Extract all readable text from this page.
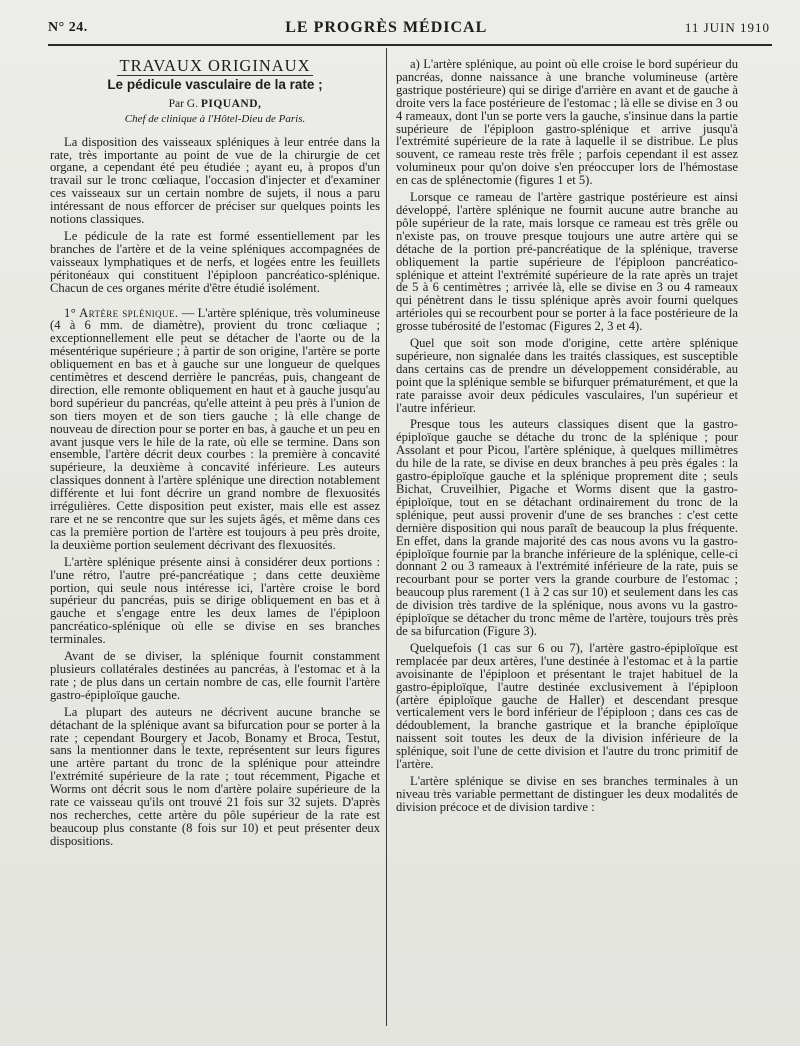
N° 24.	LE PROGRÈS MÉDICAL	11 JUIN 1910
TRAVAUX ORIGINAUX
Le pédicule vasculaire de la rate ;
Par G. PIQUAND,
Chef de clinique à l'Hôtel-Dieu de Paris.

La disposition des vaisseaux spléniques à leur entrée dans la rate, très importante au point de vue de la chirurgie de cet organe, a cependant été peu étudiée ; ayant eu, à propos d'un travail sur le tronc cœliaque, l'occasion d'injecter et d'examiner ces vaisseaux sur un certain nombre de sujets, il nous a paru intéressant de nous efforcer de préciser sur quelques points les notions classiques.

Le pédicule de la rate est formé essentiellement par les branches de l'artère et de la veine spléniques accompagnées de vaisseaux lymphatiques et de nerfs, et logées entre les feuillets péritonéaux qui constituent l'épiploon pancréatico-splénique. Chacun de ces organes mérite d'être étudié isolément.

1° Artère splénique. — L'artère splénique, très volumineuse (4 à 6 mm. de diamètre), provient du tronc cœliaque ; exceptionnellement elle peut se détacher de l'aorte ou de la mésentérique supérieure ; à partir de son origine, l'artère se porte obliquement en bas et à gauche sur une longueur de quelques centimètres et descend derrière le pancréas, puis, changeant de direction, elle remonte obliquement en haut et à gauche jusqu'au bord supérieur du pancréas, qu'elle atteint à peu près à l'union de son tiers moyen et de son tiers gauche ; là elle change de nouveau de direction pour se porter en bas, à gauche et un peu en avant jusque vers le hile de la rate, où elle se termine. Dans son ensemble, l'artère décrit deux courbes : la première à concavité supérieure, la deuxième à concavité inférieure. Les auteurs classiques donnent à l'artère splénique une direction notablement différente et lui font décrire un grand nombre de flexuosités irrégulières. Cette disposition peut exister, mais elle est assez rare et ne se rencontre que sur les sujets âgés, et même dans ces cas la première portion de l'artère est toujours à peu près droite, la deuxième portion seulement décrivant des flexuosités.

L'artère splénique présente ainsi à considérer deux portions : l'une rétro, l'autre pré-pancréatique ; dans cette deuxième portion, qui seule nous intéresse ici, l'artère croise le bord supérieur du pancréas, puis se dirige obliquement en bas et à gauche et s'engage entre les deux lames de l'épiploon pancréatico-splénique où elle se divise en ses branches terminales.

Avant de se diviser, la splénique fournit constamment plusieurs collatérales destinées au pancréas, à l'estomac et à la rate ; de plus dans un certain nombre de cas, elle fournit l'artère gastro-épiploïque gauche.

La plupart des auteurs ne décrivent aucune branche se détachant de la splénique avant sa bifurcation pour se porter à la rate ; cependant Bourgery et Jacob, Bonamy et Broca, Testut, sans la mentionner dans le texte, représentent sur leurs figures une artère partant du tronc de la splénique pour atteindre l'extrémité supérieure de la rate ; tout récemment, Pigache et Worms ont décrit sous le nom d'artère polaire supérieure de la rate ce vaisseau qu'ils ont trouvé 21 fois sur 32 sujets. D'après nos recherches, cette artère du pôle supérieur de la rate est beaucoup plus constante (8 fois sur 10) et peut présenter deux dispositions.

a) L'artère splénique, au point où elle croise le bord supérieur du pancréas, donne naissance à une branche volumineuse (artère gastrique postérieure) qui se dirige d'arrière en avant et de gauche à droite vers la face postérieure de l'estomac ; là elle se divise en 3 ou 4 rameaux, dont l'un se porte vers la gauche, s'insinue dans la partie supérieure de l'épiploon gastro-splénique et arrive jusqu'à l'extrémité supérieure de la rate à laquelle il se distribue. Le plus souvent, ce rameau reste très frêle ; parfois cependant il est assez volumineux pour qu'on doive s'en préoccuper lors de l'hémostase en cas de splénectomie (figures 1 et 5).

Lorsque ce rameau de l'artère gastrique postérieure est ainsi développé, l'artère splénique ne fournit aucune autre branche au pôle supérieur de la rate, mais lorsque ce rameau est très grêle ou n'existe pas, on trouve presque toujours une autre artère qui se détache de la portion pré-pancréatique de la splénique, traverse obliquement la partie supérieure de l'épiploon pancréatico-splénique et atteint l'extrémité supérieure de la rate après un trajet de 5 à 6 centimètres ; arrivée là, elle se divise en 3 ou 4 rameaux qui pénètrent dans le tissu splénique après avoir fourni quelques artérioles qui se recourbent pour se porter à la face postérieure de la grosse tubérosité de l'estomac (Figures 2, 3 et 4).

Quel que soit son mode d'origine, cette artère splénique supérieure, non signalée dans les traités classiques, est susceptible dans certains cas de prendre un développement considérable, au point que la splénique semble se bifurquer prématurément, et que la rate paraisse avoir deux pédicules vasculaires, l'un supérieur et l'autre inférieur.

Presque tous les auteurs classiques disent que la gastro-épiploïque gauche se détache du tronc de la splénique ; pour Assolant et pour Picou, l'artère splénique, à quelques millimètres du hile de la rate, se divise en deux branches à peu près égales : la gastro-épiploïque gauche et la splénique proprement dite ; seuls Bichat, Cruveilhier, Pigache et Worms disent que la gastro-épiploïque, tout en se détachant ordinairement du tronc de la splénique, peut aussi provenir d'une de ses branches : c'est cette dernière disposition qui nous paraît de beaucoup la plus fréquente. En effet, dans la grande majorité des cas nous avons vu la gastro-épiploïque fournie par la branche inférieure de la splénique, celle-ci donnant 2 ou 3 rameaux à l'extrémité inférieure de la rate, puis se recourbant pour se porter vers la grande courbure de l'estomac ; beaucoup plus rarement (1 à 2 cas sur 10) et seulement dans les cas de division très tardive de la splénique, nous avons vu la gastro-épiploïque se détacher du tronc même de l'artère, toujours très près de sa bifurcation (Figure 3).

Quelquefois (1 cas sur 6 ou 7), l'artère gastro-épiploïque est remplacée par deux artères, l'une destinée à l'estomac et à la partie avoisinante de l'épiploon et présentant le trajet habituel de la gastro-épiploïque, l'autre destinée exclusivement à l'épiploon (artère épiploïque gauche de Haller) et descendant presque verticalement vers le bord inférieur de l'épiploon ; dans ces cas de dédoublement, la branche gastrique et la branche épiploïque naissent soit toutes les deux de la division inférieure de la splénique, soit l'une de cette division et l'autre du tronc primitif de l'artère.

L'artère splénique se divise en ses branches terminales à un niveau très variable permettant de distinguer les deux modalités de division précoce et de division tardive :
